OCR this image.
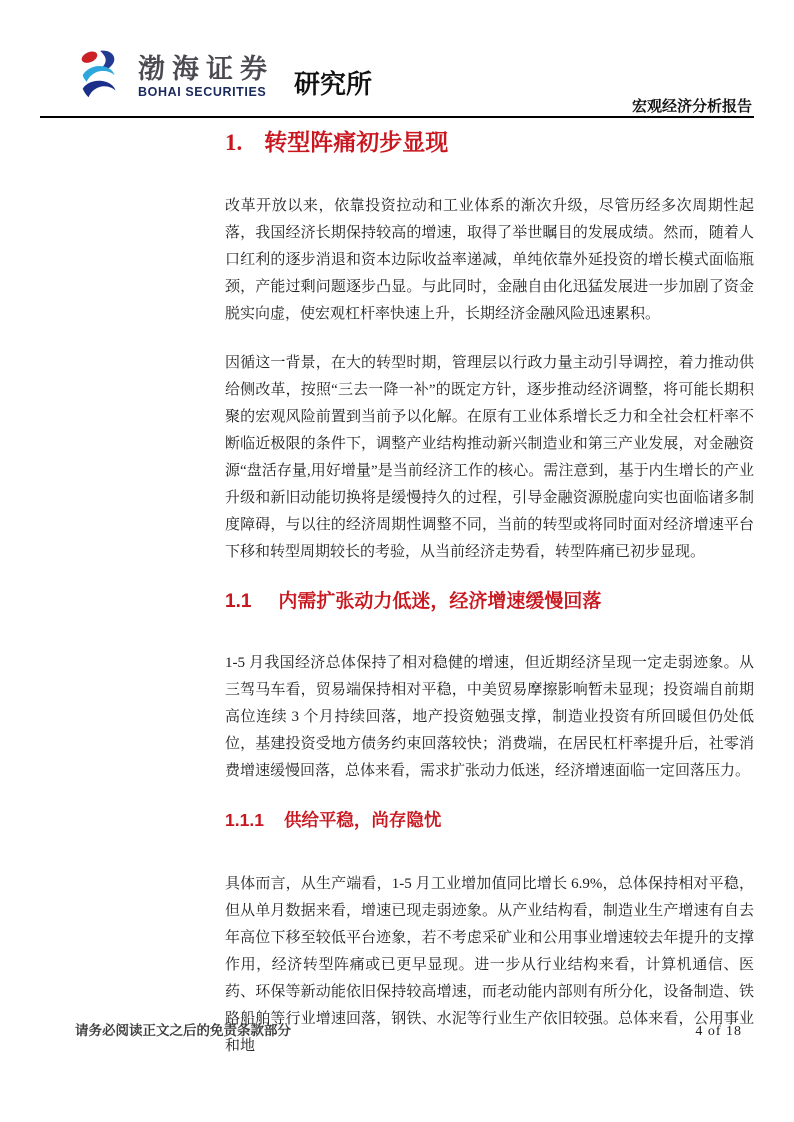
渤海证券
BOHAI SECURITIES 研究所
宏观经济分析报告
1. 转型阵痛初步显现

改革开放以来，依靠投资拉动和工业体系的渐次升级，尽管历经多次周期性起落，我国经济长期保持较高的增速，取得了举世瞩目的发展成绩。然而，随着人口红利的逐步消退和资本边际收益率递减，单纯依靠外延投资的增长模式面临瓶颈，产能过剩问题逐步凸显。与此同时，金融自由化迅猛发展进一步加剧了资金脱实向虚，使宏观杠杆率快速上升，长期经济金融风险迅速累积。

因循这一背景，在大的转型时期，管理层以行政力量主动引导调控，着力推动供给侧改革，按照“三去一降一补”的既定方针，逐步推动经济调整，将可能长期积聚的宏观风险前置到当前予以化解。在原有工业体系增长乏力和全社会杠杆率不断临近极限的条件下，调整产业结构推动新兴制造业和第三产业发展，对金融资源“盘活存量,用好增量”是当前经济工作的核心。需注意到，基于内生增长的产业升级和新旧动能切换将是缓慢持久的过程，引导金融资源脱虚向实也面临诸多制度障碍，与以往的经济周期性调整不同，当前的转型或将同时面对经济增速平台下移和转型周期较长的考验，从当前经济走势看，转型阵痛已初步显现。

1.1 内需扩张动力低迷，经济增速缓慢回落

1-5 月我国经济总体保持了相对稳健的增速，但近期经济呈现一定走弱迹象。从三驾马车看，贸易端保持相对平稳，中美贸易摩擦影响暂未显现；投资端自前期高位连续 3 个月持续回落，地产投资勉强支撑，制造业投资有所回暖但仍处低位，基建投资受地方债务约束回落较快；消费端，在居民杠杆率提升后，社零消费增速缓慢回落，总体来看，需求扩张动力低迷，经济增速面临一定回落压力。

1.1.1 供给平稳，尚存隐忧

具体而言，从生产端看，1-5 月工业增加值同比增长 6.9%，总体保持相对平稳，但从单月数据来看，增速已现走弱迹象。从产业结构看，制造业生产增速有自去年高位下移至较低平台迹象，若不考虑采矿业和公用事业增速较去年提升的支撑作用，经济转型阵痛或已更早显现。进一步从行业结构来看，计算机通信、医药、环保等新动能依旧保持较高增速，而老动能内部则有所分化，设备制造、铁路船舶等行业增速回落，钢铁、水泥等行业生产依旧较强。总体来看，公用事业和地

请务必阅读正文之后的免责条款部分	4 of 18
